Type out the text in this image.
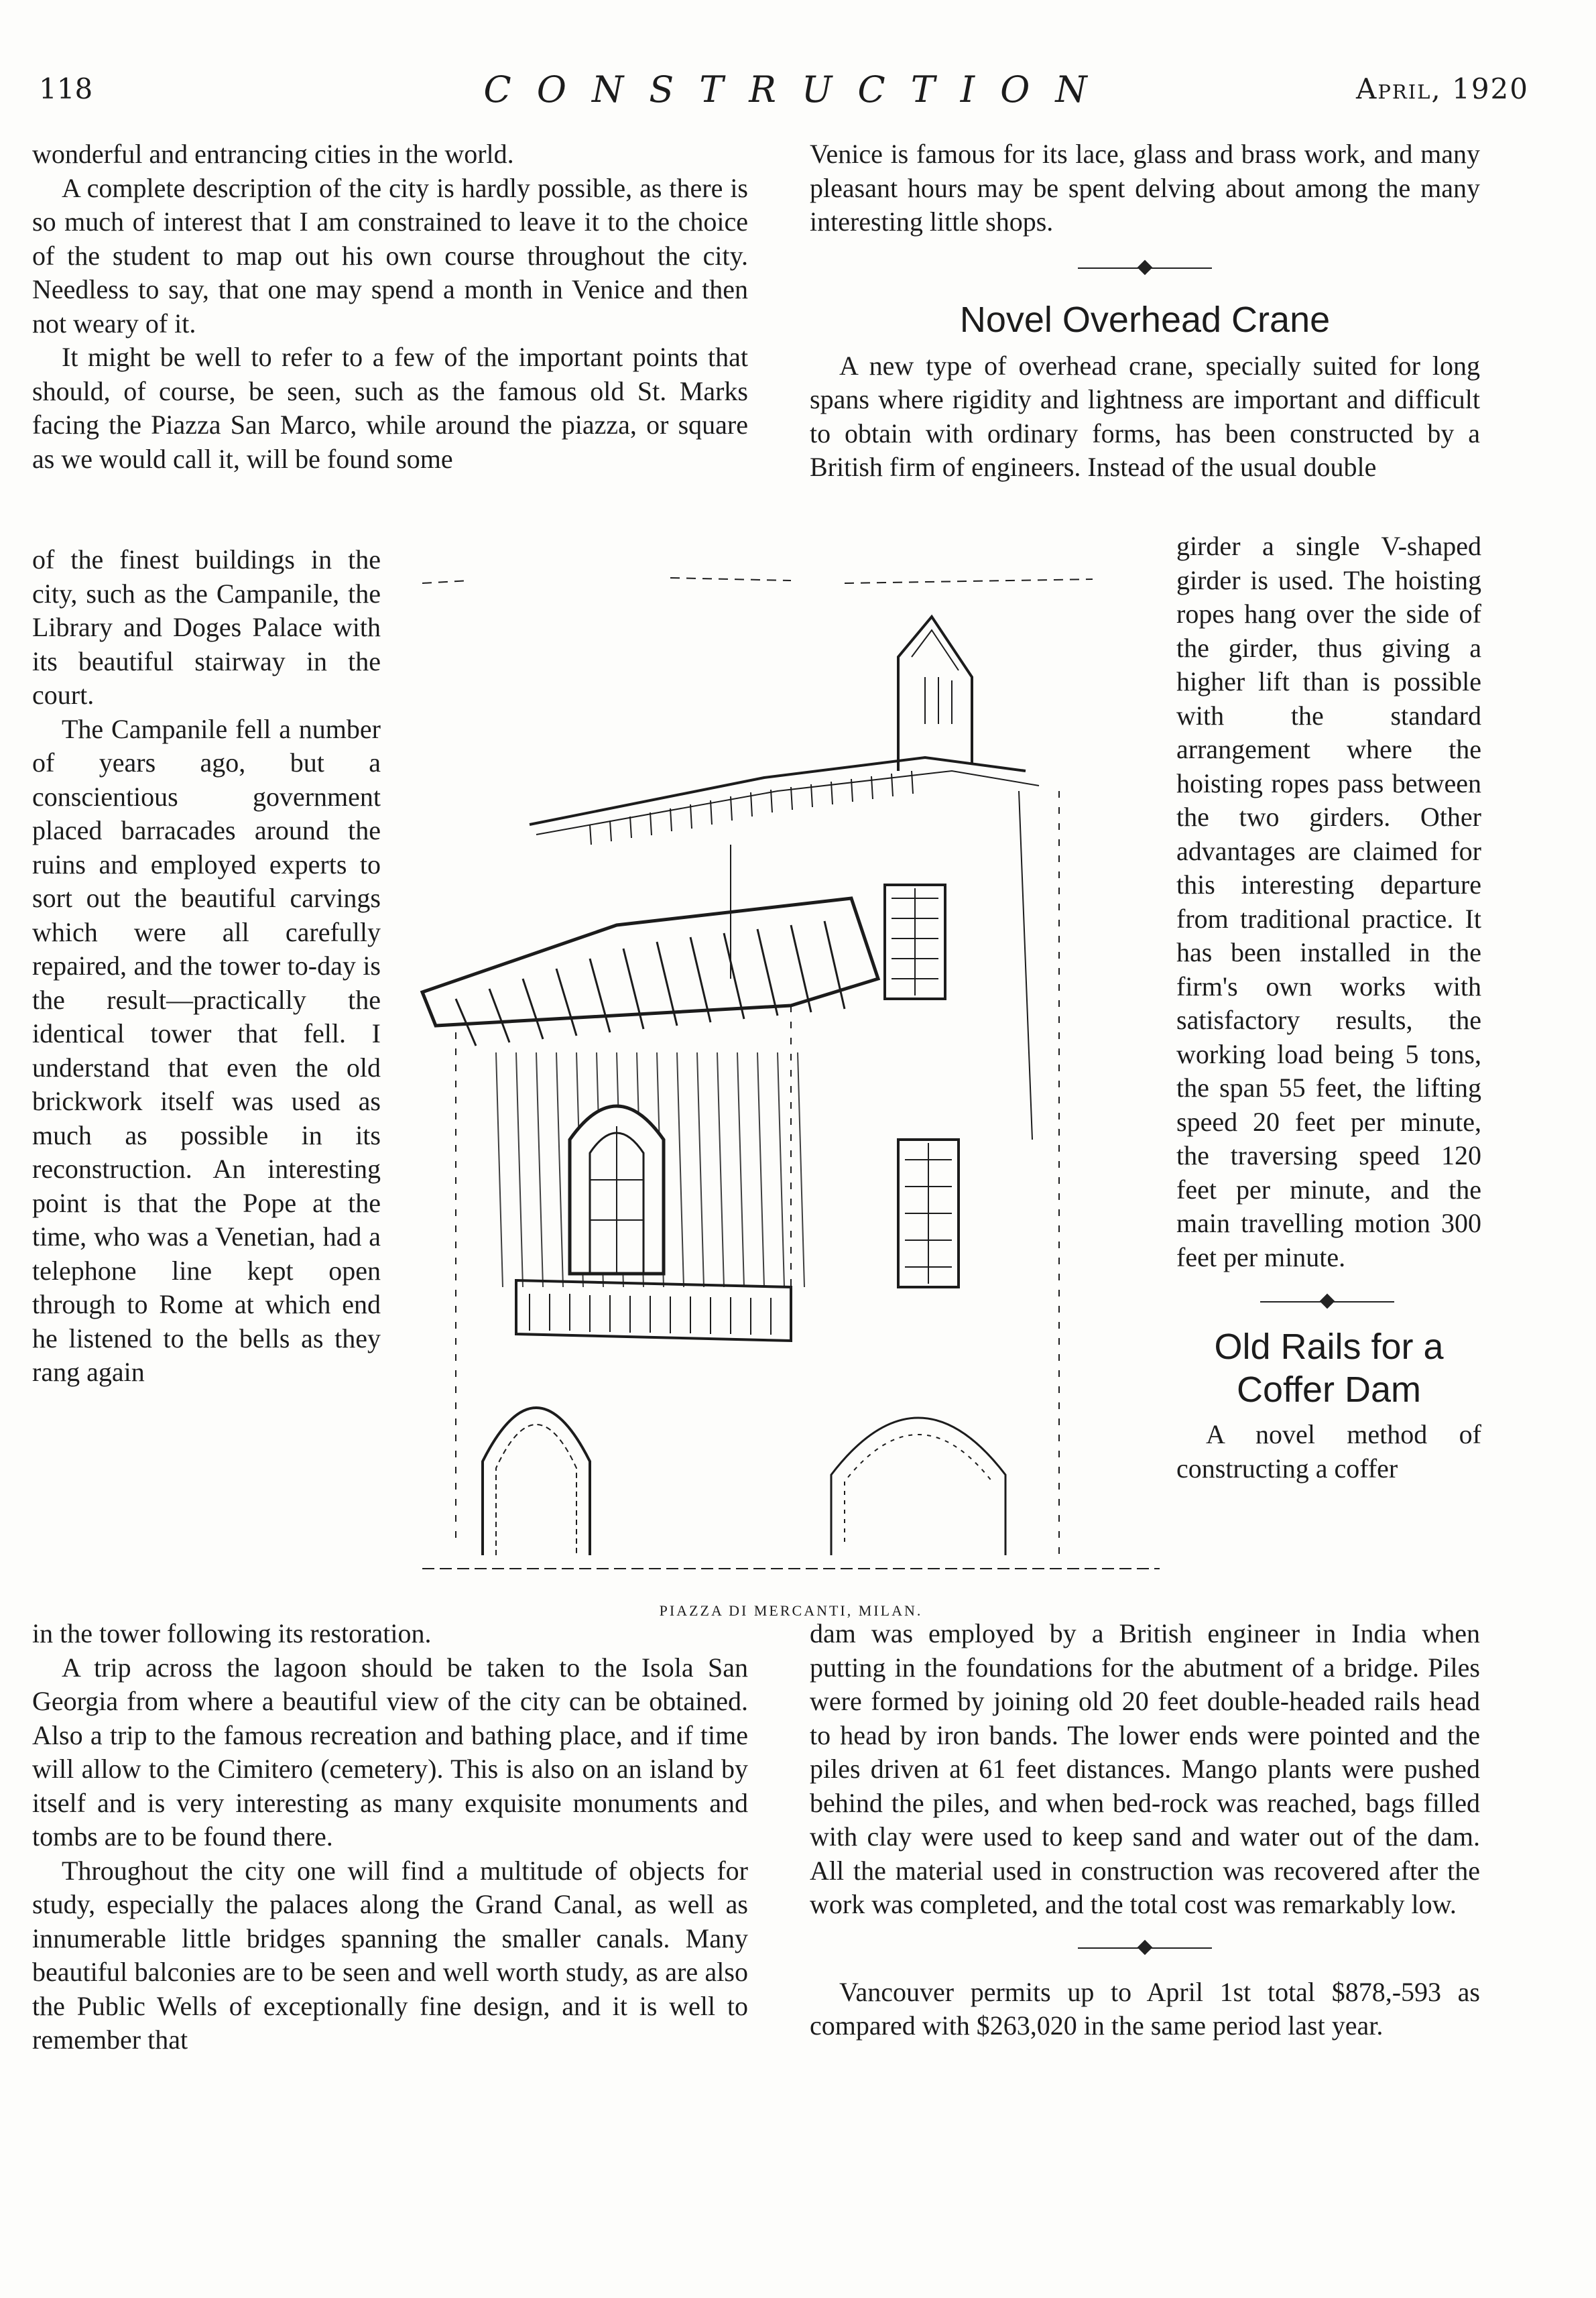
118	CONSTRUCTION	April, 1920

wonderful and entrancing cities in the world.

A complete description of the city is hardly possible, as there is so much of interest that I am constrained to leave it to the choice of the student to map out his own course throughout the city. Needless to say, that one may spend a month in Venice and then not weary of it.

It might be well to refer to a few of the important points that should, of course, be seen, such as the famous old St. Marks facing the Piazza San Marco, while around the piazza, or square as we would call it, will be found some

of the finest buildings in the city, such as the Campanile, the Library and Doges Palace with its beautiful stairway in the court.

The Campanile fell a number of years ago, but a conscientious government placed barracades around the ruins and employed experts to sort out the beautiful carvings which were all carefully repaired, and the tower to-day is the result—practically the identical tower that fell. I understand that even the old brickwork itself was used as much as possible in its reconstruction. An interesting point is that the Pope at the time, who was a Venetian, had a telephone line kept open through to Rome at which end he listened to the bells as they rang again

in the tower following its restoration.

A trip across the lagoon should be taken to the Isola San Georgia from where a beautiful view of the city can be obtained. Also a trip to the famous recreation and bathing place, and if time will allow to the Cimitero (cemetery). This is also on an island by itself and is very interesting as many exquisite monuments and tombs are to be found there.

Throughout the city one will find a multitude of objects for study, especially the palaces along the Grand Canal, as well as innumerable little bridges spanning the smaller canals. Many beautiful balconies are to be seen and well worth study, as are also the Public Wells of exceptionally fine design, and it is well to remember that

Venice is famous for its lace, glass and brass work, and many pleasant hours may be spent delving about among the many interesting little shops.

Novel Overhead Crane

A new type of overhead crane, specially suited for long spans where rigidity and lightness are important and difficult to obtain with ordinary forms, has been constructed by a British firm of engineers. Instead of the usual double

girder a single V-shaped girder is used. The hoisting ropes hang over the side of the girder, thus giving a higher lift than is possible with the standard arrangement where the hoisting ropes pass between the two girders. Other advantages are claimed for this interesting departure from traditional practice. It has been installed in the firm's own works with satisfactory results, the working load being 5 tons, the span 55 feet, the lifting speed 20 feet per minute, the traversing speed 120 feet per minute, and the main travelling motion 300 feet per minute.

Old Rails for a

Coffer Dam

A novel method of constructing a coffer

dam was employed by a British engineer in India when putting in the foundations for the abutment of a bridge. Piles were formed by joining old 20 feet double-headed rails head to head by iron bands. The lower ends were pointed and the piles driven at 61 feet distances. Mango plants were pushed behind the piles, and when bed-rock was reached, bags filled with clay were used to keep sand and water out of the dam. All the material used in construction was recovered after the work was completed, and the total cost was remarkably low.

Vancouver permits up to April 1st total $878,-593 as compared with $263,020 in the same period last year.

PIAZZA DI MERCANTI, MILAN.
